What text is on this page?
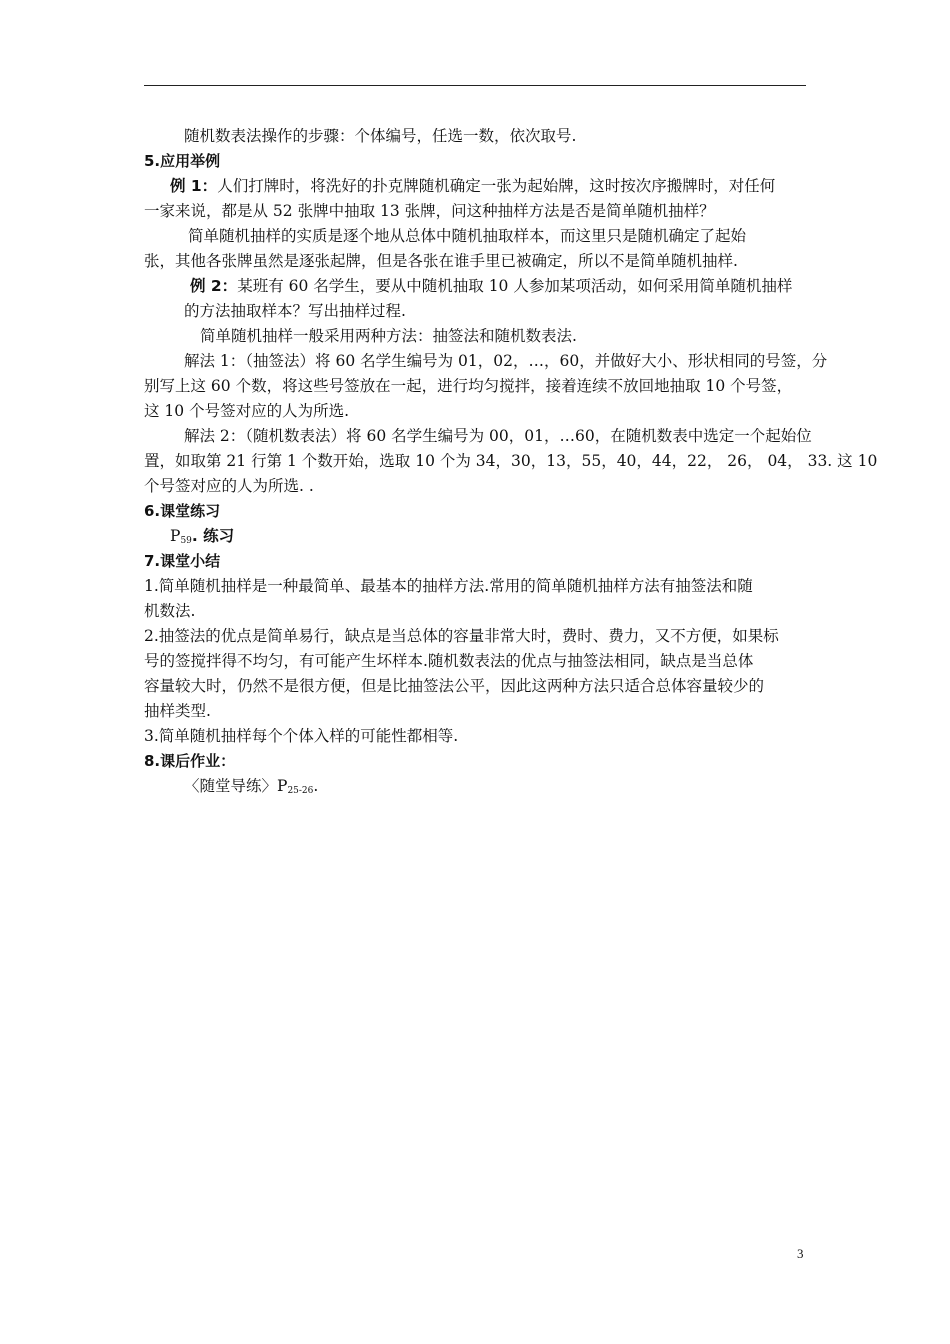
随机数表法操作的步骤：个体编号，任选一数，依次取号.
5.应用举例
例 1：人们打牌时，将洗好的扑克牌随机确定一张为起始牌，这时按次序搬牌时，对任何
一家来说，都是从 52 张牌中抽取 13 张牌，问这种抽样方法是否是简单随机抽样？
简单随机抽样的实质是逐个地从总体中随机抽取样本，而这里只是随机确定了起始
张，其他各张牌虽然是逐张起牌，但是各张在谁手里已被确定，所以不是简单随机抽样.
例 2：某班有 60 名学生，要从中随机抽取 10 人参加某项活动，如何采用简单随机抽样
的方法抽取样本？写出抽样过程.
简单随机抽样一般采用两种方法：抽签法和随机数表法.
解法 1：（抽签法）将 60 名学生编号为 01，02，…，60，并做好大小、形状相同的号签，分
别写上这 60 个数，将这些号签放在一起，进行均匀搅拌，接着连续不放回地抽取 10 个号签，
这 10 个号签对应的人为所选.
解法 2：（随机数表法）将 60 名学生编号为 00，01，…60，在随机数表中选定一个起始位
置，如取第 21 行第 1 个数开始，选取 10 个为 34，30，13，55，40，44，22， 26， 04， 33. 这 10
个号签对应的人为所选. .
6.课堂练习
$P_{59}$. 练习
7.课堂小结
1.简单随机抽样是一种最简单、最基本的抽样方法.常用的简单随机抽样方法有抽签法和随
机数法.
2.抽签法的优点是简单易行，缺点是当总体的容量非常大时，费时、费力，又不方便，如果标
号的签搅拌得不均匀，有可能产生坏样本.随机数表法的优点与抽签法相同，缺点是当总体
容量较大时，仍然不是很方便，但是比抽签法公平，因此这两种方法只适合总体容量较少的
抽样类型.
3.简单随机抽样每个个体入样的可能性都相等.
8.课后作业：
〈随堂导练〉$P_{25-26}$.
3
